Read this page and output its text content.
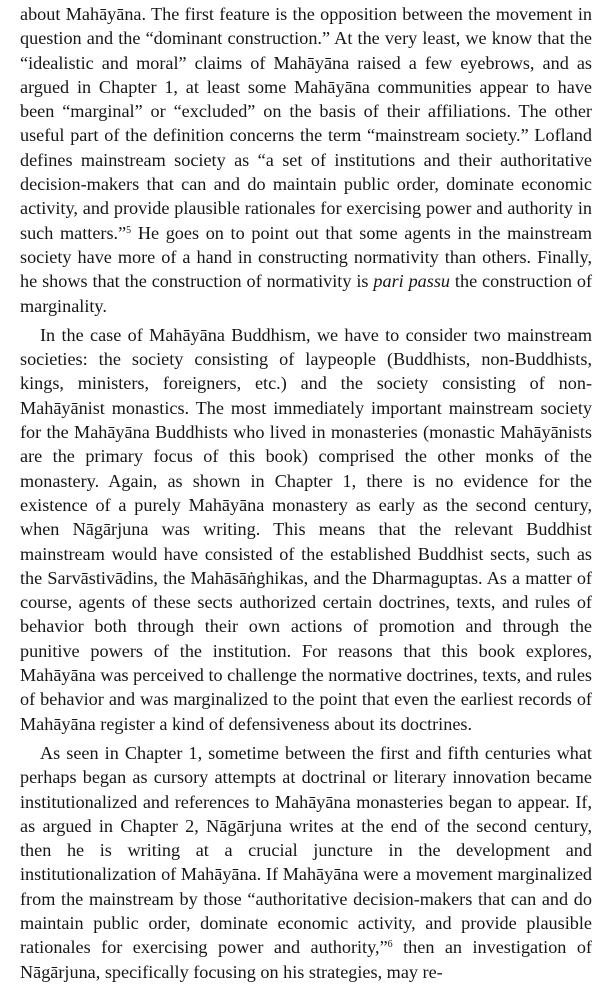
about Mahāyāna. The first feature is the opposition between the movement in question and the “dominant construction.” At the very least, we know that the “idealistic and moral” claims of Mahāyāna raised a few eyebrows, and as argued in Chapter 1, at least some Mahāyāna communities appear to have been “marginal” or “excluded” on the basis of their affiliations. The other useful part of the definition concerns the term “mainstream society.” Lofland defines mainstream society as “a set of institutions and their authoritative decision-makers that can and do maintain public order, dominate economic activity, and provide plausible rationales for exercising power and authority in such matters.”$^5$ He goes on to point out that some agents in the mainstream society have more of a hand in constructing normativity than others. Finally, he shows that the construction of normativity is pari passu the construction of marginality.

In the case of Mahāyāna Buddhism, we have to consider two mainstream societies: the society consisting of laypeople (Buddhists, non-Buddhists, kings, ministers, foreigners, etc.) and the society consisting of non-Mahāyānist monastics. The most immediately important mainstream society for the Mahāyāna Buddhists who lived in monasteries (monastic Mahāyānists are the primary focus of this book) comprised the other monks of the monastery. Again, as shown in Chapter 1, there is no evidence for the existence of a purely Mahāyāna monastery as early as the second century, when Nāgārjuna was writing. This means that the relevant Buddhist mainstream would have consisted of the established Buddhist sects, such as the Sarvāstivādins, the Mahāsāṅghikas, and the Dharmaguptas. As a matter of course, agents of these sects authorized certain doctrines, texts, and rules of behavior both through their own actions of promotion and through the punitive powers of the institution. For reasons that this book explores, Mahāyāna was perceived to challenge the normative doctrines, texts, and rules of behavior and was marginalized to the point that even the earliest records of Mahāyāna register a kind of defensiveness about its doctrines.

As seen in Chapter 1, sometime between the first and fifth centuries what perhaps began as cursory attempts at doctrinal or literary innovation became institutionalized and references to Mahāyāna monasteries began to appear. If, as argued in Chapter 2, Nāgārjuna writes at the end of the second century, then he is writing at a crucial juncture in the development and institutionalization of Mahāyāna. If Mahāyāna were a movement marginalized from the mainstream by those “authoritative decision-makers that can and do maintain public order, dominate economic activity, and provide plausible rationales for exercising power and authority,”$^6$ then an investigation of Nāgārjuna, specifically focusing on his strategies, may re-
